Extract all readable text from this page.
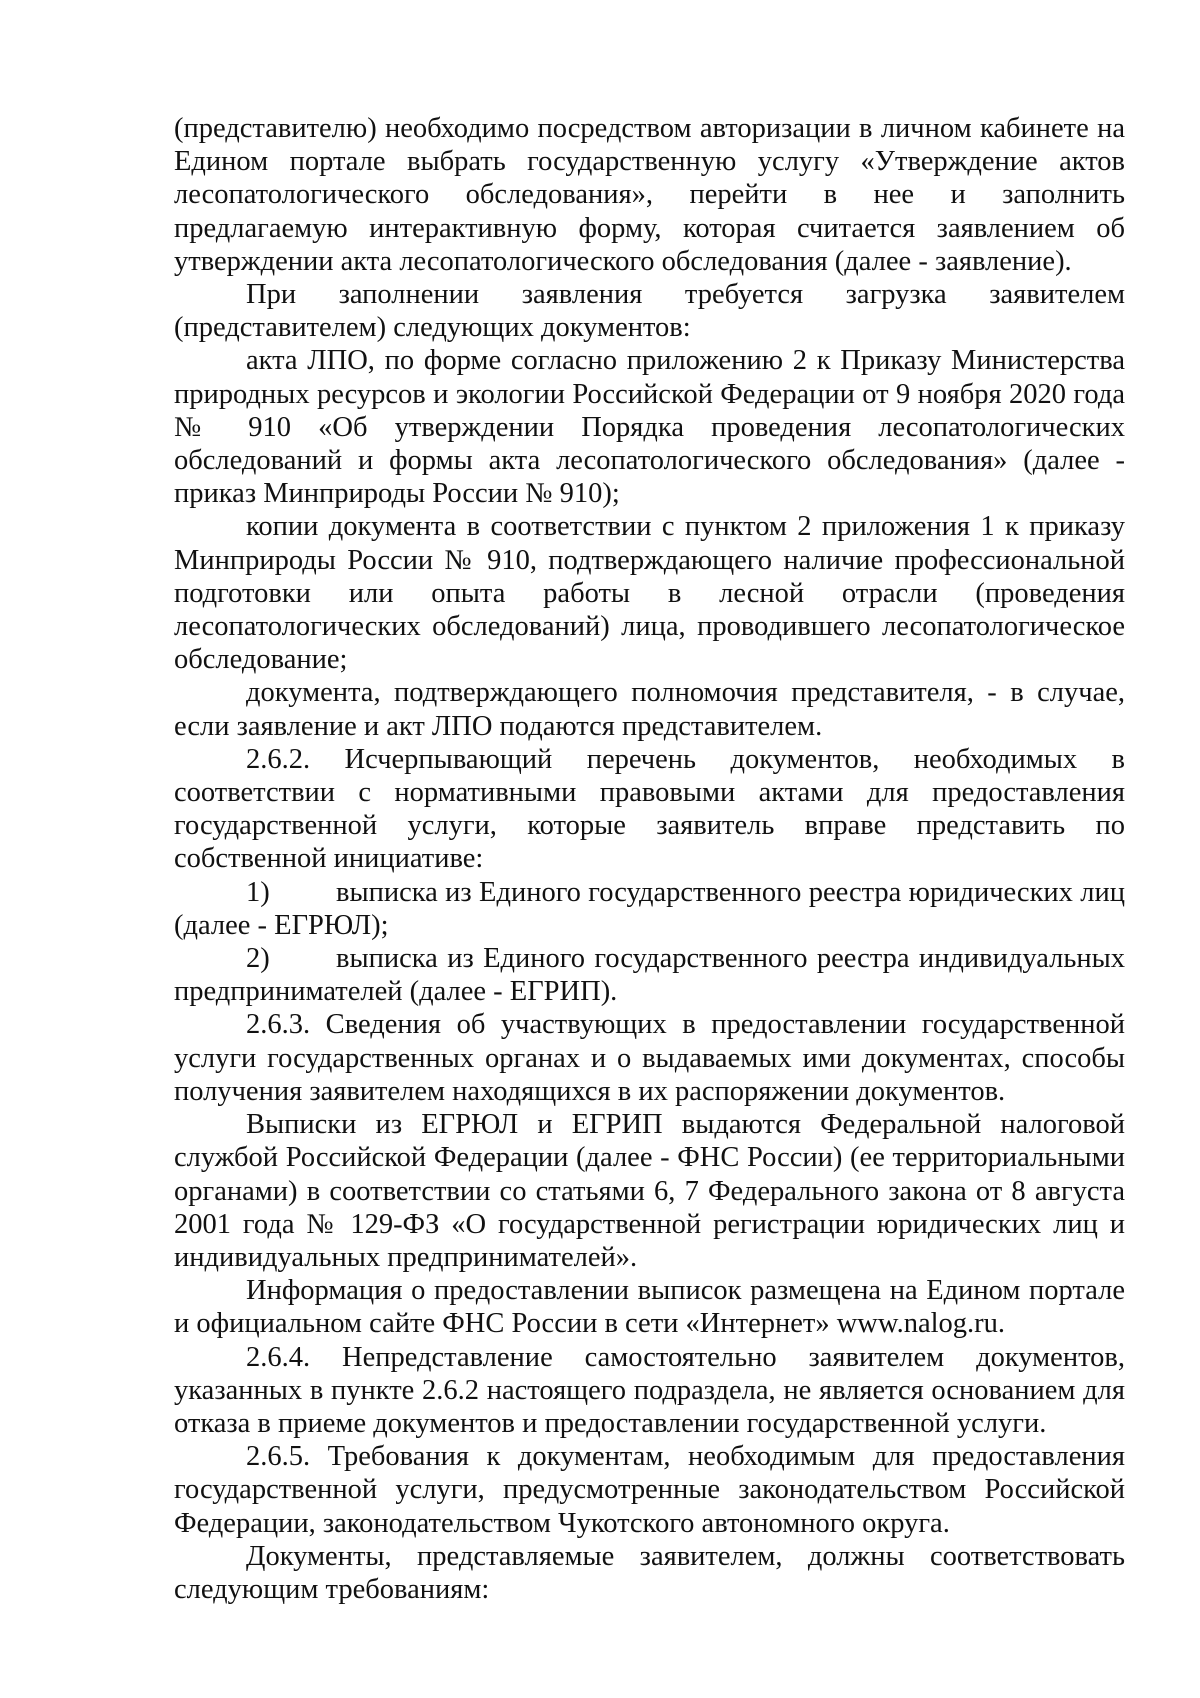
(представителю) необходимо посредством авторизации в личном кабинете на Едином портале выбрать государственную услугу «Утверждение актов лесопатологического обследования», перейти в нее и заполнить предлагаемую интерактивную форму, которая считается заявлением об утверждении акта лесопатологического обследования (далее - заявление).

При заполнении заявления требуется загрузка заявителем (представителем) следующих документов:

акта ЛПО, по форме согласно приложению 2 к Приказу Министерства природных ресурсов и экологии Российской Федерации от 9 ноября 2020 года № 910 «Об утверждении Порядка проведения лесопатологических обследований и формы акта лесопатологического обследования» (далее - приказ Минприроды России № 910);

копии документа в соответствии с пунктом 2 приложения 1 к приказу Минприроды России № 910, подтверждающего наличие профессиональной подготовки или опыта работы в лесной отрасли (проведения лесопатологических обследований) лица, проводившего лесопатологическое обследование;

документа, подтверждающего полномочия представителя, - в случае, если заявление и акт ЛПО подаются представителем.

2.6.2. Исчерпывающий перечень документов, необходимых в соответствии с нормативными правовыми актами для предоставления государственной услуги, которые заявитель вправе представить по собственной инициативе:

1) выписка из Единого государственного реестра юридических лиц (далее - ЕГРЮЛ);

2) выписка из Единого государственного реестра индивидуальных предпринимателей (далее - ЕГРИП).

2.6.3. Сведения об участвующих в предоставлении государственной услуги государственных органах и о выдаваемых ими документах, способы получения заявителем находящихся в их распоряжении документов.

Выписки из ЕГРЮЛ и ЕГРИП выдаются Федеральной налоговой службой Российской Федерации (далее - ФНС России) (ее территориальными органами) в соответствии со статьями 6, 7 Федерального закона от 8 августа 2001 года № 129-ФЗ «О государственной регистрации юридических лиц и индивидуальных предпринимателей».

Информация о предоставлении выписок размещена на Едином портале и официальном сайте ФНС России в сети «Интернет» www.nalog.ru.

2.6.4. Непредставление самостоятельно заявителем документов, указанных в пункте 2.6.2 настоящего подраздела, не является основанием для отказа в приеме документов и предоставлении государственной услуги.

2.6.5. Требования к документам, необходимым для предоставления государственной услуги, предусмотренные законодательством Российской Федерации, законодательством Чукотского автономного округа.

Документы, представляемые заявителем, должны соответствовать следующим требованиям:
